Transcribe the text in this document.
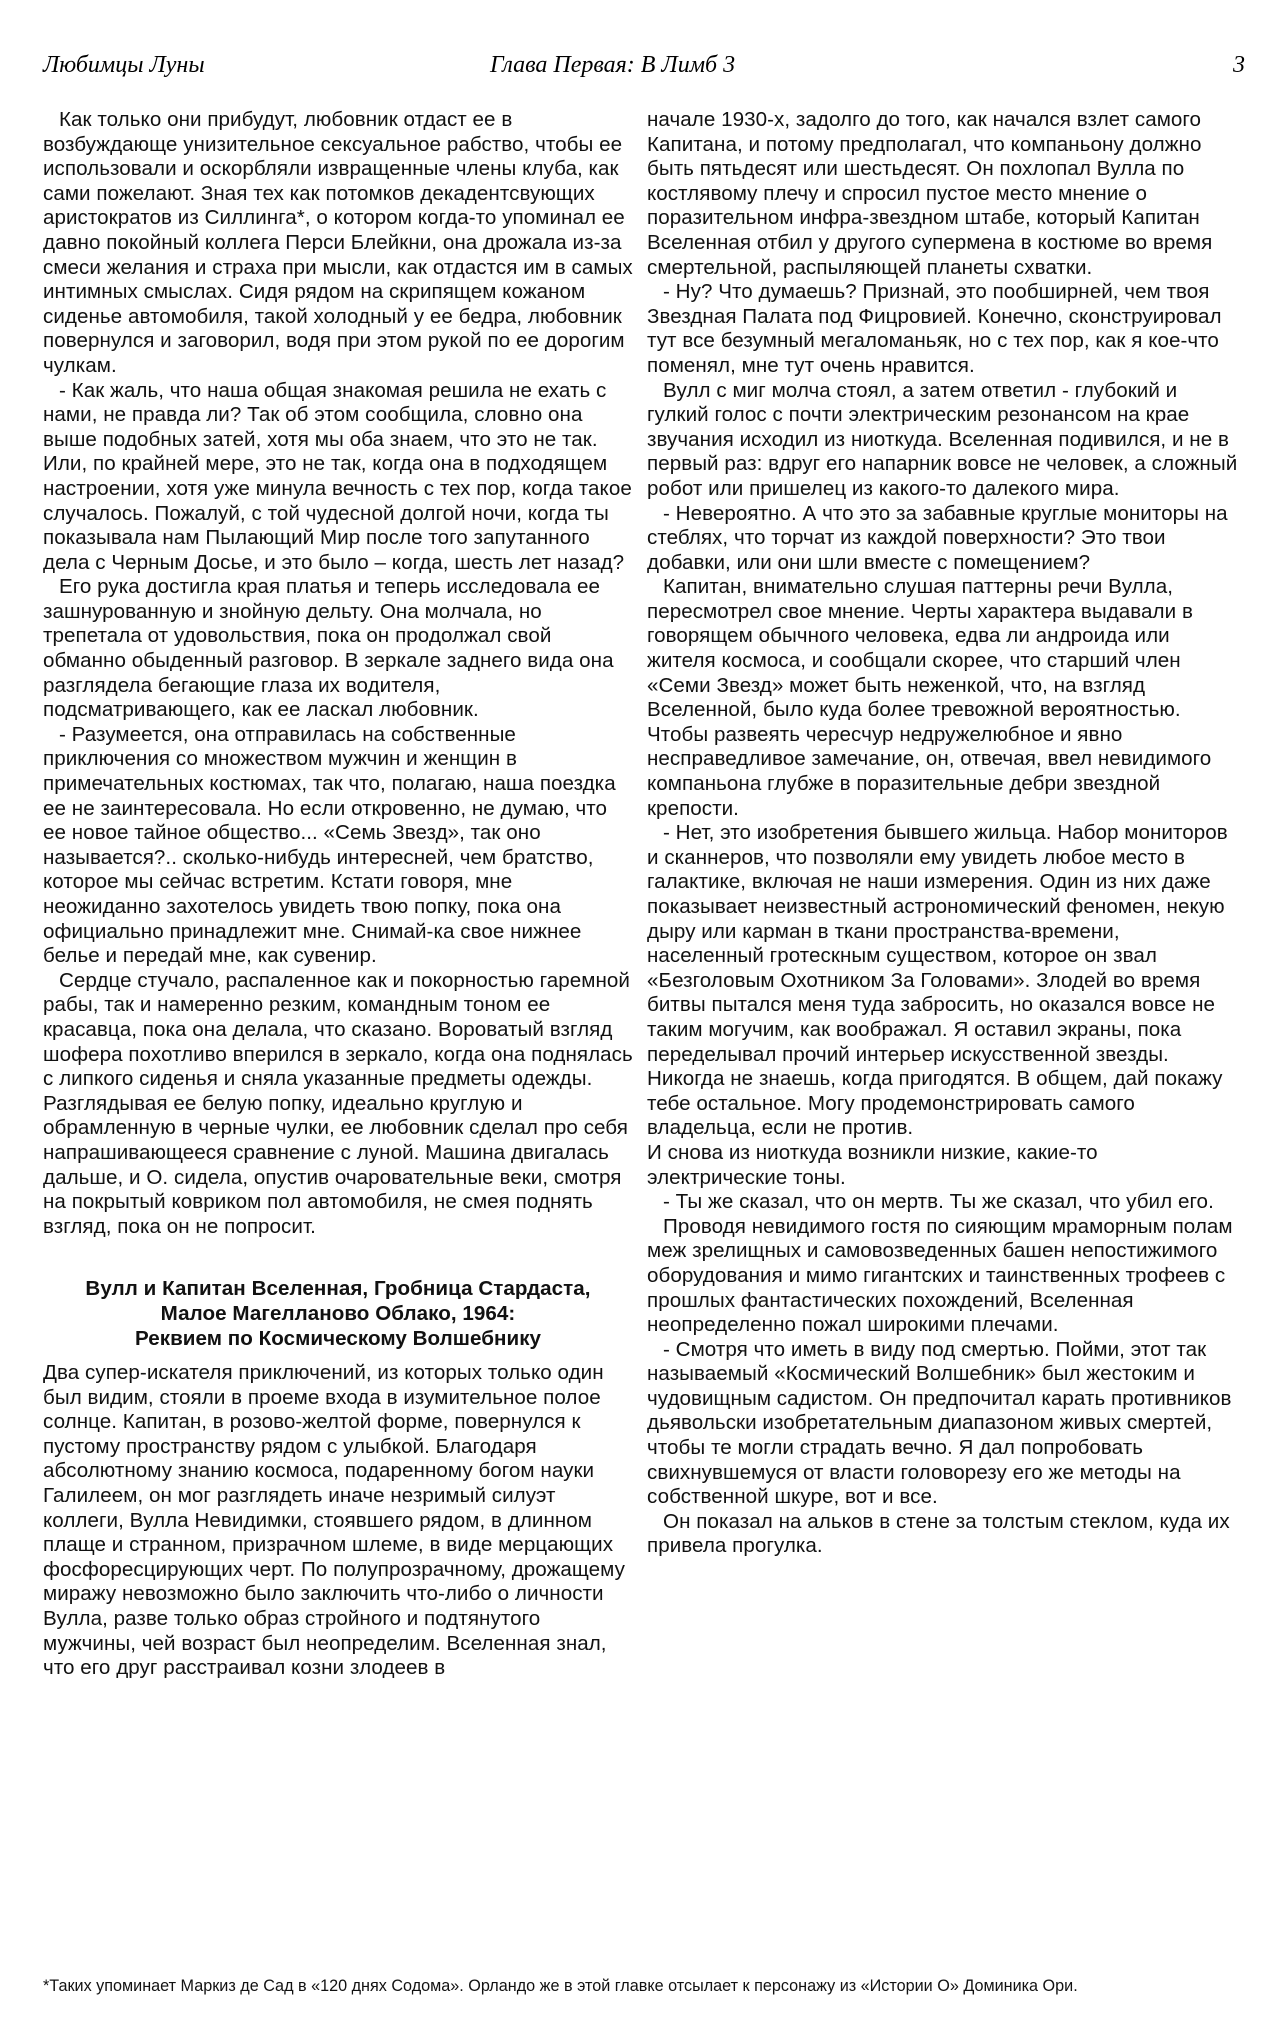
Любимцы Луны	Глава Первая: В Лимб 3	3

Как только они прибудут, любовник отдаст ее в возбуждающе унизительное сексуальное рабство, чтобы ее использовали и оскорбляли извращенные члены клуба, как сами пожелают. Зная тех как потомков декадентсвующих аристократов из Силлинга*, о котором когда-то упоминал ее давно покойный коллега Перси Блейкни, она дрожала из-за смеси желания и страха при мысли, как отдастся им в самых интимных смыслах. Сидя рядом на скрипящем кожаном сиденье автомобиля, такой холодный у ее бедра, любовник повернулся и заговорил, водя при этом рукой по ее дорогим чулкам.

- Как жаль, что наша общая знакомая решила не ехать с нами, не правда ли? Так об этом сообщила, словно она выше подобных затей, хотя мы оба знаем, что это не так. Или, по крайней мере, это не так, когда она в подходящем настроении, хотя уже минула вечность с тех пор, когда такое случалось. Пожалуй, с той чудесной долгой ночи, когда ты показывала нам Пылающий Мир после того запутанного дела с Черным Досье, и это было – когда, шесть лет назад?

Его рука достигла края платья и теперь исследовала ее зашнурованную и знойную дельту. Она молчала, но трепетала от удовольствия, пока он продолжал свой обманно обыденный разговор. В зеркале заднего вида она разглядела бегающие глаза их водителя, подсматривающего, как ее ласкал любовник.

- Разумеется, она отправилась на собственные приключения со множеством мужчин и женщин в примечательных костюмах, так что, полагаю, наша поездка ее не заинтересовала. Но если откровенно, не думаю, что ее новое тайное общество... «Семь Звезд», так оно называется?.. сколько-нибудь интересней, чем братство, которое мы сейчас встретим. Кстати говоря, мне неожиданно захотелось увидеть твою попку, пока она официально принадлежит мне. Снимай-ка свое нижнее белье и передай мне, как сувенир.

Сердце стучало, распаленное как и покорностью гаремной рабы, так и намеренно резким, командным тоном ее красавца, пока она делала, что сказано. Вороватый взгляд шофера похотливо вперился в зеркало, когда она поднялась с липкого сиденья и сняла указанные предметы одежды. Разглядывая ее белую попку, идеально круглую и обрамленную в черные чулки, ее любовник сделал про себя напрашивающееся сравнение с луной. Машина двигалась дальше, и О. сидела, опустив очаровательные веки, смотря на покрытый ковриком пол автомобиля, не смея поднять взгляд, пока он не попросит.

Вулл и Капитан Вселенная, Гробница Стардаста,
Малое Магелланово Облако, 1964:
Реквием по Космическому Волшебнику

Два супер-искателя приключений, из которых только один был видим, стояли в проеме входа в изумительное полое солнце. Капитан, в розово-желтой форме, повернулся к пустому пространству рядом с улыбкой. Благодаря абсолютному знанию космоса, подаренному богом науки Галилеем, он мог разглядеть иначе незримый силуэт коллеги, Вулла Невидимки, стоявшего рядом, в длинном плаще и странном, призрачном шлеме, в виде мерцающих фосфоресцирующих черт. По полупрозрачному, дрожащему миражу невозможно было заключить что-либо о личности Вулла, разве только образ стройного и подтянутого мужчины, чей возраст был неопределим. Вселенная знал, что его друг расстраивал козни злодеев в

начале 1930-х, задолго до того, как начался взлет самого Капитана, и потому предполагал, что компаньону должно быть пятьдесят или шестьдесят. Он похлопал Вулла по костлявому плечу и спросил пустое место мнение о поразительном инфра-звездном штабе, который Капитан Вселенная отбил у другого супермена в костюме во время смертельной, распыляющей планеты схватки.

- Ну? Что думаешь? Признай, это пообширней, чем твоя Звездная Палата под Фицровией. Конечно, сконструировал тут все безумный мегаломаньяк, но с тех пор, как я кое-что поменял, мне тут очень нравится.

Вулл с миг молча стоял, а затем ответил - глубокий и гулкий голос с почти электрическим резонансом на крае звучания исходил из ниоткуда. Вселенная подивился, и не в первый раз: вдруг его напарник вовсе не человек, а сложный робот или пришелец из какого-то далекого мира.

- Невероятно. А что это за забавные круглые мониторы на стеблях, что торчат из каждой поверхности? Это твои добавки, или они шли вместе с помещением?

Капитан, внимательно слушая паттерны речи Вулла, пересмотрел свое мнение. Черты характера выдавали в говорящем обычного человека, едва ли андроида или жителя космоса, и сообщали скорее, что старший член «Семи Звезд» может быть неженкой, что, на взгляд Вселенной, было куда более тревожной вероятностью. Чтобы развеять чересчур недружелюбное и явно несправедливое замечание, он, отвечая, ввел невидимого компаньона глубже в поразительные дебри звездной крепости.

- Нет, это изобретения бывшего жильца. Набор мониторов и сканнеров, что позволяли ему увидеть любое место в галактике, включая не наши измерения. Один из них даже показывает неизвестный астрономический феномен, некую дыру или карман в ткани пространства-времени, населенный гротескным существом, которое он звал «Безголовым Охотником За Головами». Злодей во время битвы пытался меня туда забросить, но оказался вовсе не таким могучим, как воображал. Я оставил экраны, пока переделывал прочий интерьер искусственной звезды. Никогда не знаешь, когда пригодятся. В общем, дай покажу тебе остальное. Могу продемонстрировать самого владельца, если не против.

И снова из ниоткуда возникли низкие, какие-то электрические тоны.

- Ты же сказал, что он мертв. Ты же сказал, что убил его.

Проводя невидимого гостя по сияющим мраморным полам меж зрелищных и самовозведенных башен непостижимого оборудования и мимо гигантских и таинственных трофеев с прошлых фантастических похождений, Вселенная неопределенно пожал широкими плечами.

- Смотря что иметь в виду под смертью. Пойми, этот так называемый «Космический Волшебник» был жестоким и чудовищным садистом. Он предпочитал карать противников дьявольски изобретательным диапазоном живых смертей, чтобы те могли страдать вечно. Я дал попробовать свихнувшемуся от власти головорезу его же методы на собственной шкуре, вот и все.

Он показал на альков в стене за толстым стеклом, куда их привела прогулка.

*Таких упоминает Маркиз де Сад в «120 днях Содома». Орландо же в этой главке отсылает к персонажу из «Истории О» Доминика Ори.
